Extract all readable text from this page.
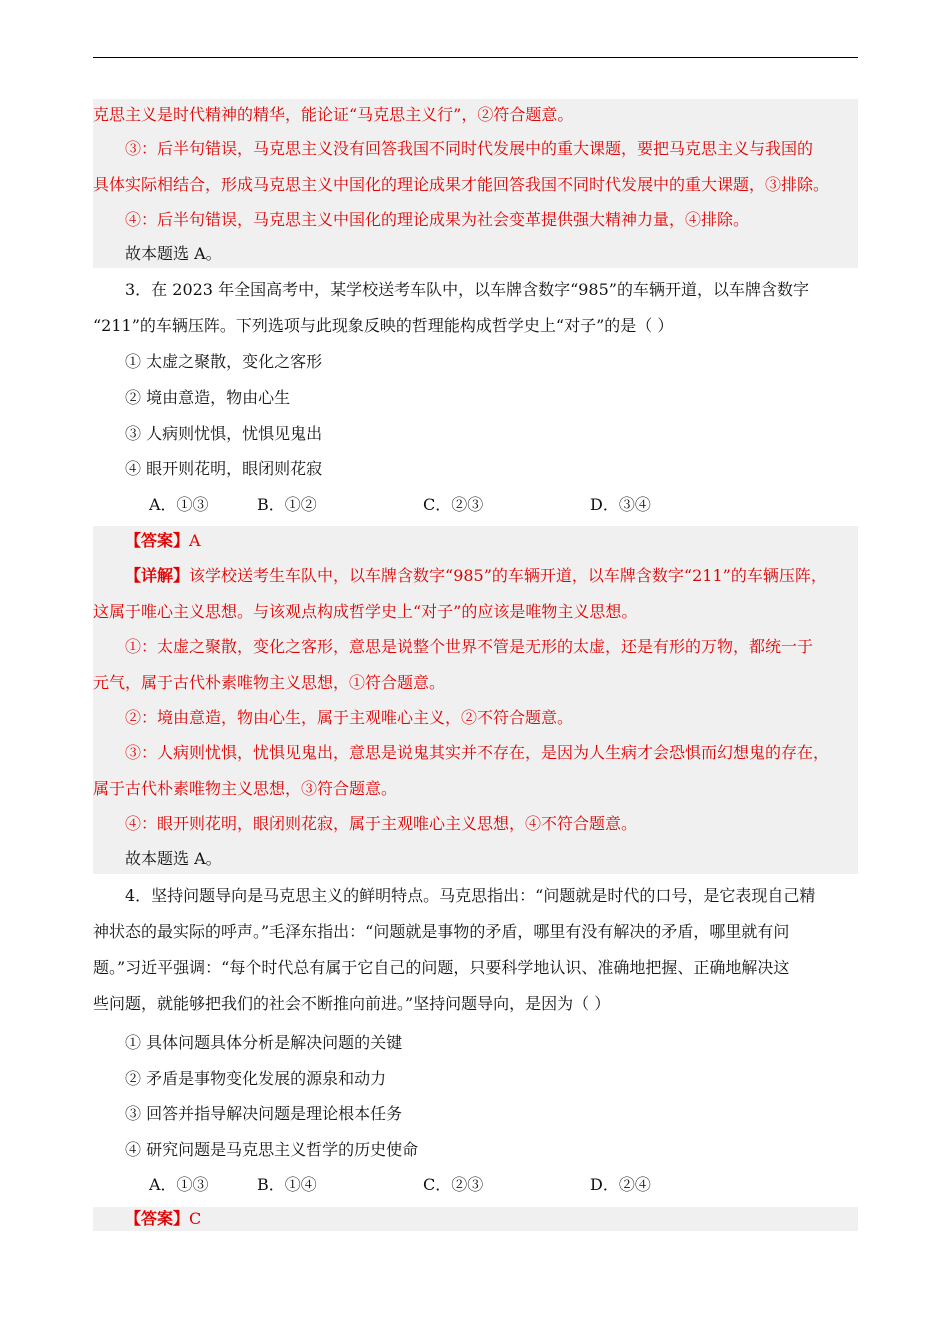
克思主义是时代精神的精华，能论证“马克思主义行”，②符合题意。
③：后半句错误，马克思主义没有回答我国不同时代发展中的重大课题，要把马克思主义与我国的
具体实际相结合，形成马克思主义中国化的理论成果才能回答我国不同时代发展中的重大课题，③排除。
④：后半句错误，马克思主义中国化的理论成果为社会变革提供强大精神力量，④排除。
故本题选 A。
3．在 2023 年全国高考中，某学校送考车队中，以车牌含数字“985”的车辆开道，以车牌含数字
“211”的车辆压阵。下列选项与此现象反映的哲理能构成哲学史上“对子”的是（ ）
① 太虚之聚散，变化之客形
② 境由意造，物由心生
③ 人病则忧惧，忧惧见鬼出
④ 眼开则花明，眼闭则花寂
A．①③	B．①②	C．②③	D．③④
【答案】A
【详解】该学校送考生车队中，以车牌含数字“985”的车辆开道，以车牌含数字“211”的车辆压阵，
这属于唯心主义思想。与该观点构成哲学史上“对子”的应该是唯物主义思想。
①：太虚之聚散，变化之客形，意思是说整个世界不管是无形的太虚，还是有形的万物，都统一于
元气，属于古代朴素唯物主义思想，①符合题意。
②：境由意造，物由心生，属于主观唯心主义，②不符合题意。
③：人病则忧惧，忧惧见鬼出，意思是说鬼其实并不存在，是因为人生病才会恐惧而幻想鬼的存在，
属于古代朴素唯物主义思想，③符合题意。
④：眼开则花明，眼闭则花寂，属于主观唯心主义思想，④不符合题意。
故本题选 A。
4．坚持问题导向是马克思主义的鲜明特点。马克思指出：“问题就是时代的口号，是它表现自己精
神状态的最实际的呼声。”毛泽东指出：“问题就是事物的矛盾，哪里有没有解决的矛盾，哪里就有问
题。”习近平强调：“每个时代总有属于它自己的问题，只要科学地认识、准确地把握、正确地解决这
些问题，就能够把我们的社会不断推向前进。”坚持问题导向，是因为（ ）
① 具体问题具体分析是解决问题的关键
② 矛盾是事物变化发展的源泉和动力
③ 回答并指导解决问题是理论根本任务
④ 研究问题是马克思主义哲学的历史使命
A．①③	B．①④	C．②③	D．②④
【答案】C
